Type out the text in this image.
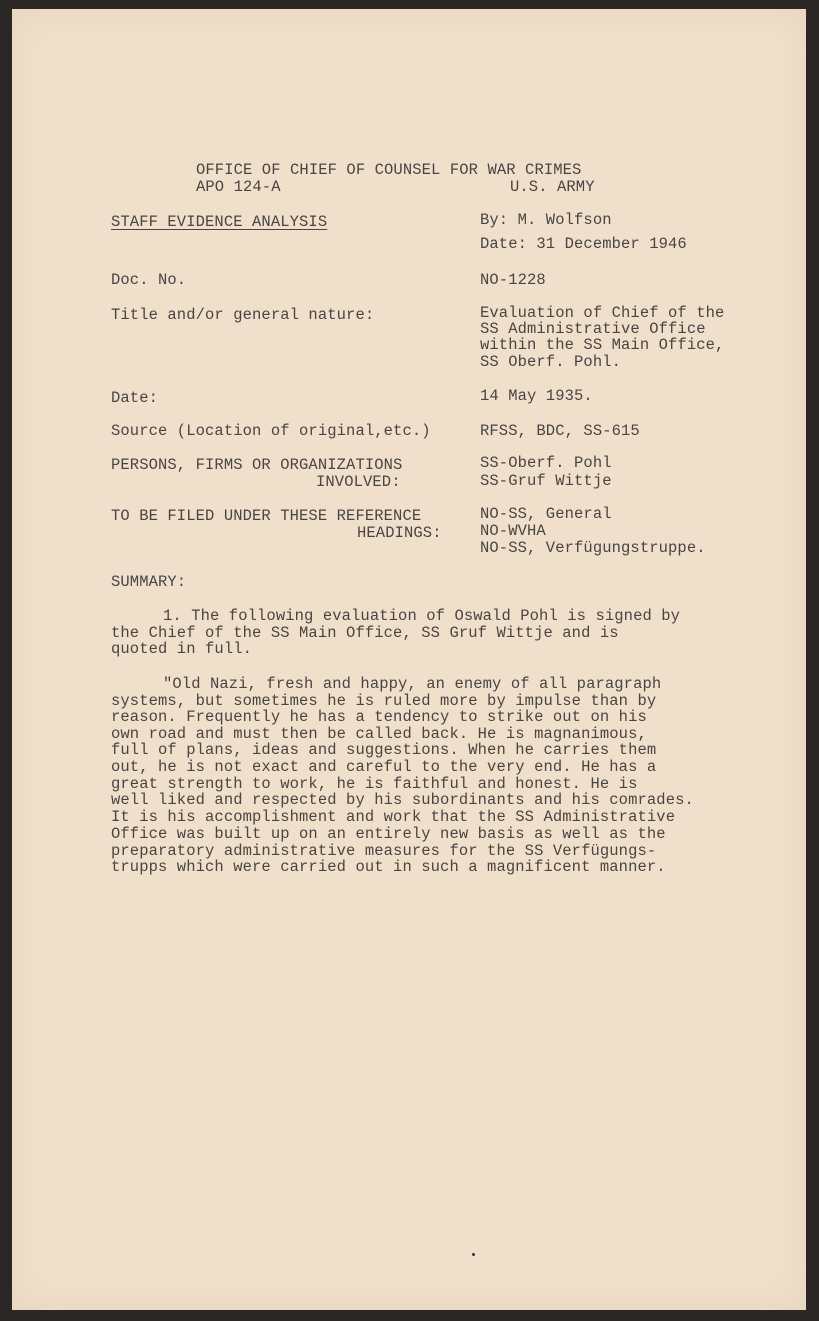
OFFICE OF CHIEF OF COUNSEL FOR WAR CRIMES
APO 124-A	U.S. ARMY
STAFF EVIDENCE ANALYSIS	By: M. Wolfson
Date: 31 December 1946
Doc. No.	NO-1228
Title and/or general nature:	Evaluation of Chief of the
SS Administrative Office
within the SS Main Office,
SS Oberf. Pohl.
Date:	14 May 1935.
Source (Location of original,etc.)	RFSS, BDC, SS-615
PERSONS, FIRMS OR ORGANIZATIONS
INVOLVED:
SS-Oberf. Pohl
SS-Gruf Wittje
TO BE FILED UNDER THESE REFERENCE
HEADINGS:
NO-SS, General
NO-WVHA
NO-SS, Verfügungstruppe.
SUMMARY:
1. The following evaluation of Oswald Pohl is signed by
the Chief of the SS Main Office, SS Gruf Wittje and is
quoted in full.
"Old Nazi, fresh and happy, an enemy of all paragraph
systems, but sometimes he is ruled more by impulse than by
reason. Frequently he has a tendency to strike out on his
own road and must then be called back. He is magnanimous,
full of plans, ideas and suggestions. When he carries them
out, he is not exact and careful to the very end. He has a
great strength to work, he is faithful and honest. He is
well liked and respected by his subordinants and his comrades.
It is his accomplishment and work that the SS Administrative
Office was built up on an entirely new basis as well as the
preparatory administrative measures for the SS Verfügungs-
trupps which were carried out in such a magnificent manner.
